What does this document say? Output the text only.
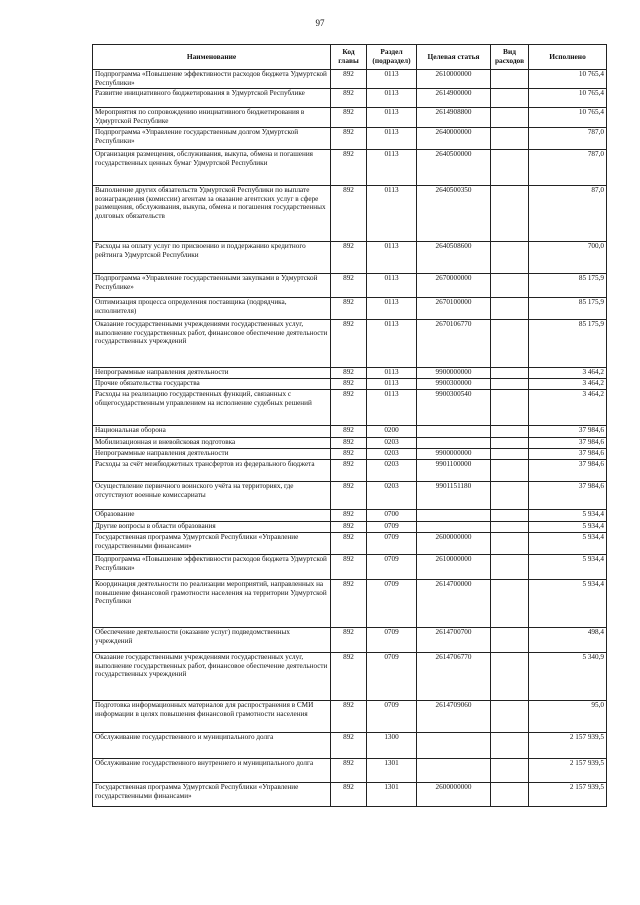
97
Наименование	Код главы	Раздел (подраздел)	Целевая статья	Вид расходов	Исполнено
Подпрограмма «Повышение эффективности расходов бюджета Удмуртской Республики»	892	0113	2610000000		10 765,4
Развитие инициативного бюджетирования в Удмуртской Республике	892	0113	2614900000		10 765,4
Мероприятия по сопровождению инициативного бюджетирования в Удмуртской Республике	892	0113	2614908800		10 765,4
Подпрограмма «Управление государственным долгом Удмуртской Республики»	892	0113	2640000000		787,0
Организация размещения, обслуживания, выкупа, обмена и погашения государственных ценных бумаг Удмуртской Республики	892	0113	2640500000		787,0
Выполнение других обязательств Удмуртской Республики по выплате вознаграждения (комиссии) агентам за оказание агентских услуг в сфере размещения, обслуживания, выкупа, обмена и погашения государственных долговых обязательств	892	0113	2640500350		87,0
Расходы на оплату услуг по присвоению и поддержанию кредитного рейтинга Удмуртской Республики	892	0113	2640508600		700,0
Подпрограмма «Управление государственными закупками в Удмуртской Республике»	892	0113	2670000000		85 175,9
Оптимизация процесса определения поставщика (подрядчика, исполнителя)	892	0113	2670100000		85 175,9
Оказание государственными учреждениями государственных услуг, выполнение государственных работ, финансовое обеспечение деятельности государственных учреждений	892	0113	2670106770		85 175,9
Непрограммные направления деятельности	892	0113	9900000000		3 464,2
Прочие обязательства государства	892	0113	9900300000		3 464,2
Расходы на реализацию государственных функций, связанных с общегосударственным управлением на исполнение судебных решений	892	0113	9900300540		3 464,2
Национальная оборона	892	0200			37 984,6
Мобилизационная и вневойсковая подготовка	892	0203			37 984,6
Непрограммные направления деятельности	892	0203	9900000000		37 984,6
Расходы за счёт межбюджетных трансфертов из федерального бюджета	892	0203	9901100000		37 984,6
Осуществление первичного воинского учёта на территориях, где отсутствуют военные комиссариаты	892	0203	9901151180		37 984,6
Образование	892	0700			5 934,4
Другие вопросы в области образования	892	0709			5 934,4
Государственная программа Удмуртской Республики «Управление государственными финансами»	892	0709	2600000000		5 934,4
Подпрограмма «Повышение эффективности расходов бюджета Удмуртской Республики»	892	0709	2610000000		5 934,4
Координация деятельности по реализации мероприятий, направленных на повышение финансовой грамотности населения на территории Удмуртской Республики	892	0709	2614700000		5 934,4
Обеспечение деятельности (оказание услуг) подведомственных учреждений	892	0709	2614700700		498,4
Оказание государственными учреждениями государственных услуг, выполнение государственных работ, финансовое обеспечение деятельности государственных учреждений	892	0709	2614706770		5 340,9
Подготовка информационных материалов для распространения в СМИ информации в целях повышения финансовой грамотности населения	892	0709	2614709060		95,0
Обслуживание государственного и муниципального долга	892	1300			2 157 939,5
Обслуживание государственного внутреннего и муниципального долга	892	1301			2 157 939,5
Государственная программа Удмуртской Республики «Управление государственными финансами»	892	1301	2600000000		2 157 939,5
